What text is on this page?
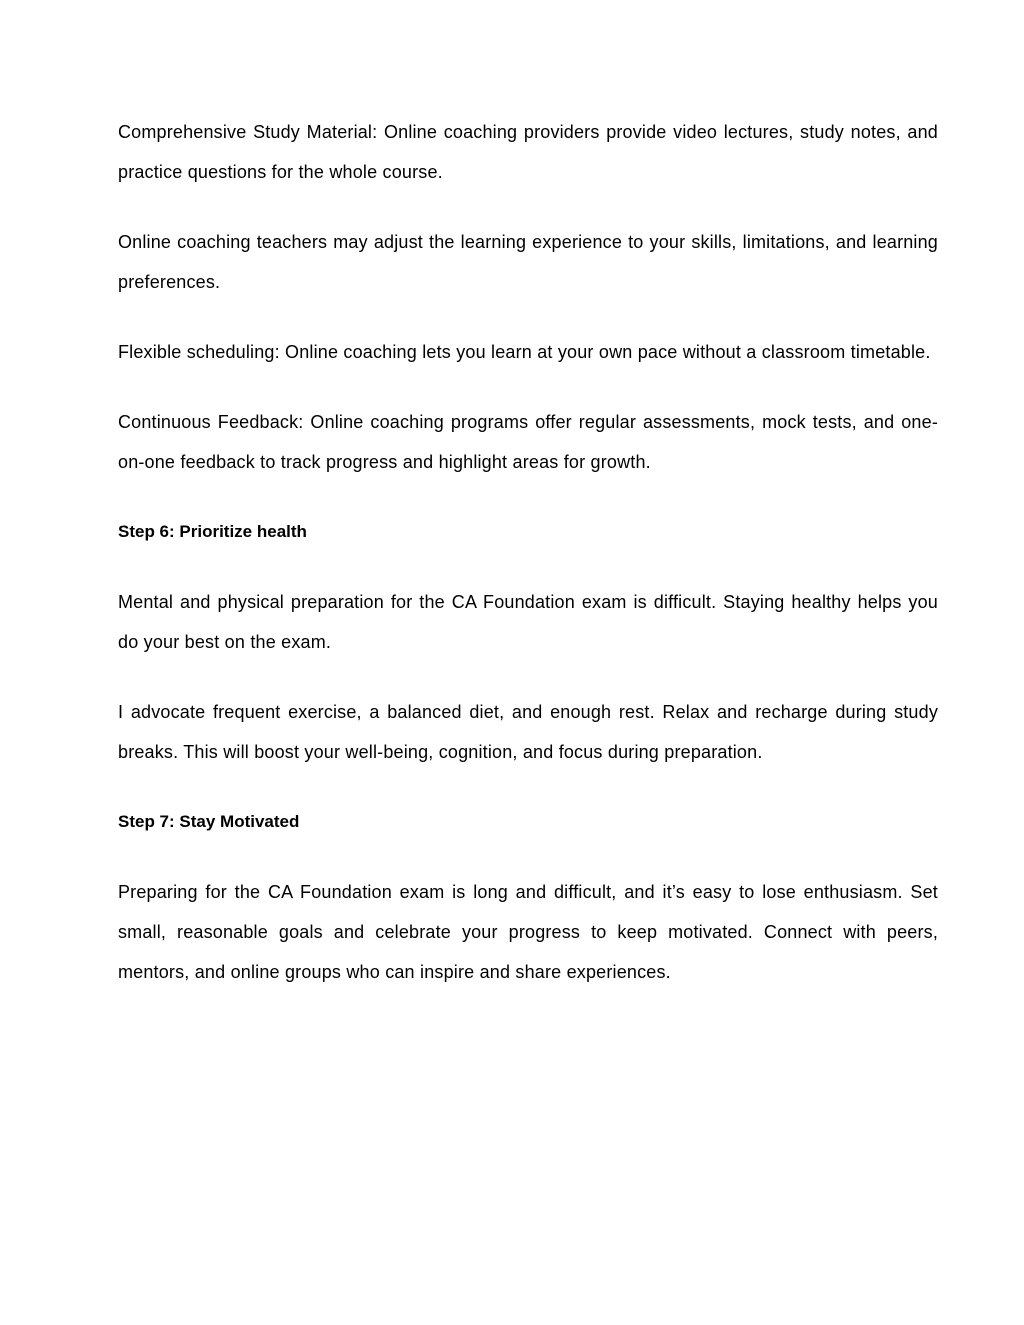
Comprehensive Study Material: Online coaching providers provide video lectures, study notes, and practice questions for the whole course.

Online coaching teachers may adjust the learning experience to your skills, limitations, and learning preferences.

Flexible scheduling: Online coaching lets you learn at your own pace without a classroom timetable.

Continuous Feedback: Online coaching programs offer regular assessments, mock tests, and one-on-one feedback to track progress and highlight areas for growth.

Step 6: Prioritize health

Mental and physical preparation for the CA Foundation exam is difficult. Staying healthy helps you do your best on the exam.

I advocate frequent exercise, a balanced diet, and enough rest. Relax and recharge during study breaks. This will boost your well-being, cognition, and focus during preparation.

Step 7: Stay Motivated

Preparing for the CA Foundation exam is long and difficult, and it’s easy to lose enthusiasm. Set small, reasonable goals and celebrate your progress to keep motivated. Connect with peers, mentors, and online groups who can inspire and share experiences.
